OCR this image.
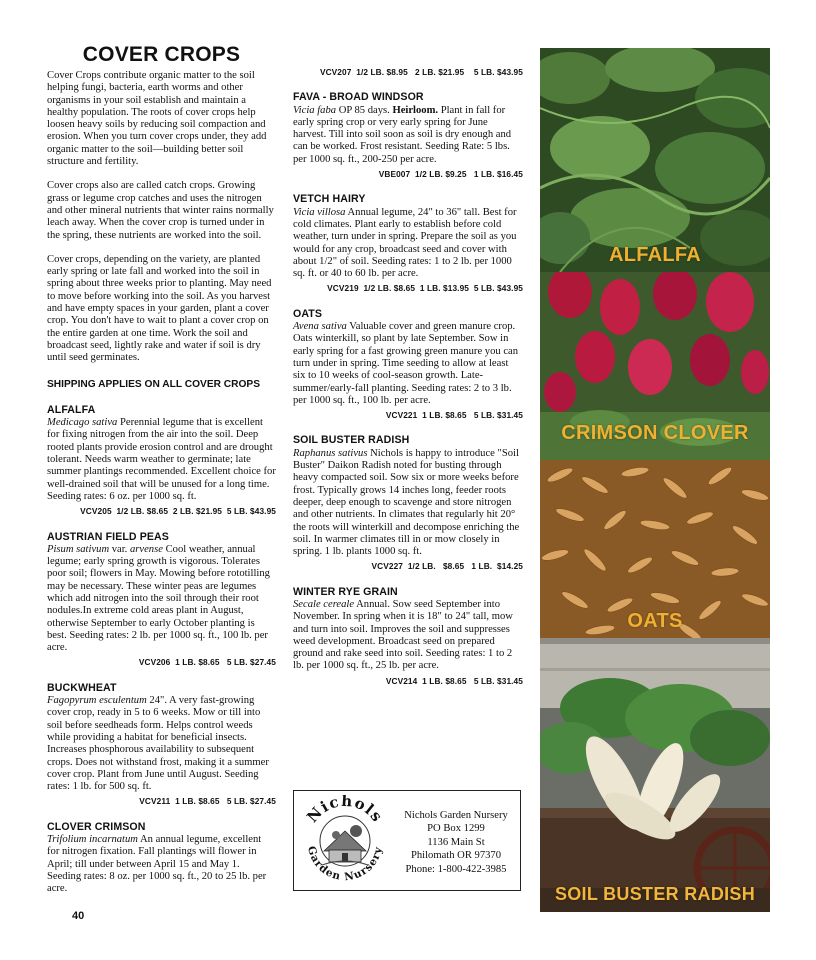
COVER CROPS

Cover Crops contribute organic matter to the soil helping fungi, bacteria, earth worms and other organisms in your soil establish and maintain a healthy population. The roots of cover crops help loosen heavy soils by reducing soil compaction and erosion. When you turn cover crops under, they add organic matter to the soil—building better soil structure and fertility.

Cover crops also are called catch crops. Growing grass or legume crop catches and uses the nitrogen and other mineral nutrients that winter rains normally leach away. When the cover crop is turned under in the spring, these nutrients are worked into the soil.

Cover crops, depending on the variety, are planted early spring or late fall and worked into the soil in spring about three weeks prior to planting. May need to move before working into the soil. As you harvest and have empty spaces in your garden, plant a cover crop. You don't have to wait to plant a cover crop on the entire garden at one time. Work the soil and broadcast seed, lightly rake and water if soil is dry until seed germinates.

SHIPPING APPLIES ON ALL COVER CROPS
ALFALFA

Medicago sativa Perennial legume that is excellent for fixing nitrogen from the air into the soil. Deep rooted plants provide erosion control and are drought tolerant. Needs warm weather to germinate; late summer plantings recommended. Excellent choice for well-drained soil that will be unused for a long time. Seeding rates: 6 oz. per 1000 sq. ft.

VCV205  1/2 LB. $8.65  2 LB. $21.95  5 LB. $43.95
AUSTRIAN FIELD PEAS

Pisum sativum var. arvense Cool weather, annual legume; early spring growth is vigorous. Tolerates poor soil; flowers in May. Mowing before rototilling may be necessary. These winter peas are legumes which add nitrogen into the soil through their root nodules.In extreme cold areas plant in August, otherwise September to early October planting is best. Seeding rates: 2 lb. per 1000 sq. ft., 100 lb. per acre.

VCV206  1 LB. $8.65   5 LB. $27.45
BUCKWHEAT

Fagopyrum esculentum 24". A very fast-growing cover crop, ready in 5 to 6 weeks. Mow or till into soil before seedheads form. Helps control weeds while providing a habitat for beneficial insects. Increases phosphorous availability to subsequent crops. Does not withstand frost, making it a summer cover crop. Plant from June until August. Seeding rates: 1 lb. for 500 sq. ft.

VCV211  1 LB. $8.65   5 LB. $27.45
CLOVER CRIMSON

Trifolium incarnatum An annual legume, excellent for nitrogen fixation. Fall plantings will flower in April; till under between April 15 and May 1. Seeding rates: 8 oz. per 1000 sq. ft., 20 to 25 lb. per acre.

VCV207  1/2 LB. $8.95   2 LB. $21.95    5 LB. $43.95
FAVA - BROAD WINDSOR

Vicia faba OP 85 days. Heirloom. Plant in fall for early spring crop or very early spring for June harvest. Till into soil soon as soil is dry enough and can be worked. Frost resistant. Seeding Rate: 5 lbs. per 1000 sq. ft., 200-250 per acre.

VBE007  1/2 LB. $9.25   1 LB. $16.45
VETCH HAIRY

Vicia villosa Annual legume, 24" to 36" tall. Best for cold climates. Plant early to establish before cold weather, turn under in spring. Prepare the soil as you would for any crop, broadcast seed and cover with about 1/2" of soil. Seeding rates: 1 to 2 lb. per 1000 sq. ft. or 40 to 60 lb. per acre.

VCV219  1/2 LB. $8.65  1 LB. $13.95  5 LB. $43.95
OATS

Avena sativa Valuable cover and green manure crop. Oats winterkill, so plant by late September. Sow in early spring for a fast growing green manure you can turn under in spring. Time seeding to allow at least six to 10 weeks of cool-season growth. Late-summer/early-fall planting. Seeding rates: 2 to 3 lb. per 1000 sq. ft., 100 lb. per acre.

VCV221  1 LB. $8.65   5 LB. $31.45
SOIL BUSTER RADISH

Raphanus sativus Nichols is happy to introduce "Soil Buster" Daikon Radish noted for busting through heavy compacted soil. Sow six or more weeks before frost. Typically grows 14 inches long, feeder roots deeper, deep enough to scavenge and store nitrogen and other nutrients. In climates that regularly hit 20° the roots will winterkill and decompose enriching the soil. In warmer climates till in or mow closely in spring. 1 lb. plants 1000 sq. ft.

VCV227  1/2 LB.   $8.65   1 LB.  $14.25
WINTER RYE GRAIN

Secale cereale Annual. Sow seed September into November. In spring when it is 18" to 24" tall, mow and turn into soil. Improves the soil and suppresses weed development. Broadcast seed on prepared ground and rake seed into soil. Seeding rates: 1 to 2 lb. per 1000 sq. ft., 25 lb. per acre.

VCV214  1 LB. $8.65   5 LB. $31.45
Nichols
Garden Nursery
Nichols Garden Nursery
PO Box 1299
1136 Main St
Philomath OR 97370
Phone: 1-800-422-3985
40
ALFALFA
CRIMSON CLOVER
OATS
SOIL BUSTER RADISH
